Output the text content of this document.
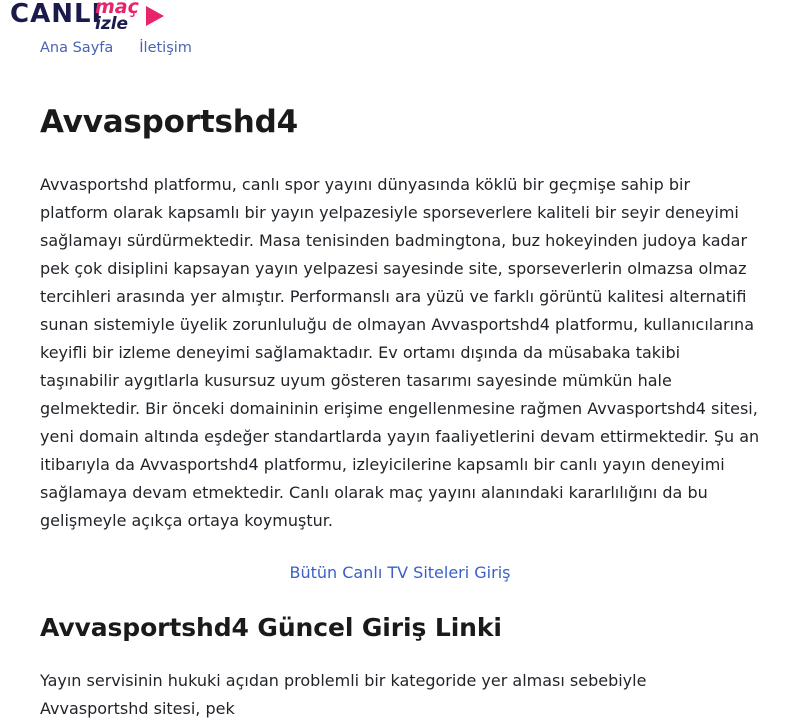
CANLI
maç
izle
Ana Sayfa İletişim
Avvasportshd4

Avvasportshd platformu, canlı spor yayını dünyasında köklü bir geçmişe sahip bir platform olarak kapsamlı bir yayın yelpazesiyle sporseverlere kaliteli bir seyir deneyimi sağlamayı sürdürmektedir. Masa tenisinden badmingtona, buz hokeyinden judoya kadar pek çok disiplini kapsayan yayın yelpazesi sayesinde site, sporseverlerin olmazsa olmaz tercihleri arasında yer almıştır. Performanslı ara yüzü ve farklı görüntü kalitesi alternatifi sunan sistemiyle üyelik zorunluluğu de olmayan Avvasportshd4 platformu, kullanıcılarına keyifli bir izleme deneyimi sağlamaktadır. Ev ortamı dışında da müsabaka takibi taşınabilir aygıtlarla kusursuz uyum gösteren tasarımı sayesinde mümkün hale gelmektedir. Bir önceki domaininin erişime engellenmesine rağmen Avvasportshd4 sitesi, yeni domain altında eşdeğer standartlarda yayın faaliyetlerini devam ettirmektedir. Şu an itibarıyla da Avvasportshd4 platformu, izleyicilerine kapsamlı bir canlı yayın deneyimi sağlamaya devam etmektedir. Canlı olarak maç yayını alanındaki kararlılığını da bu gelişmeyle açıkça ortaya koymuştur.

Bütün Canlı TV Siteleri Giriş
Avvasportshd4 Güncel Giriş Linki

Yayın servisinin hukuki açıdan problemli bir kategoride yer alması sebebiyle Avvasportshd sitesi, pek
